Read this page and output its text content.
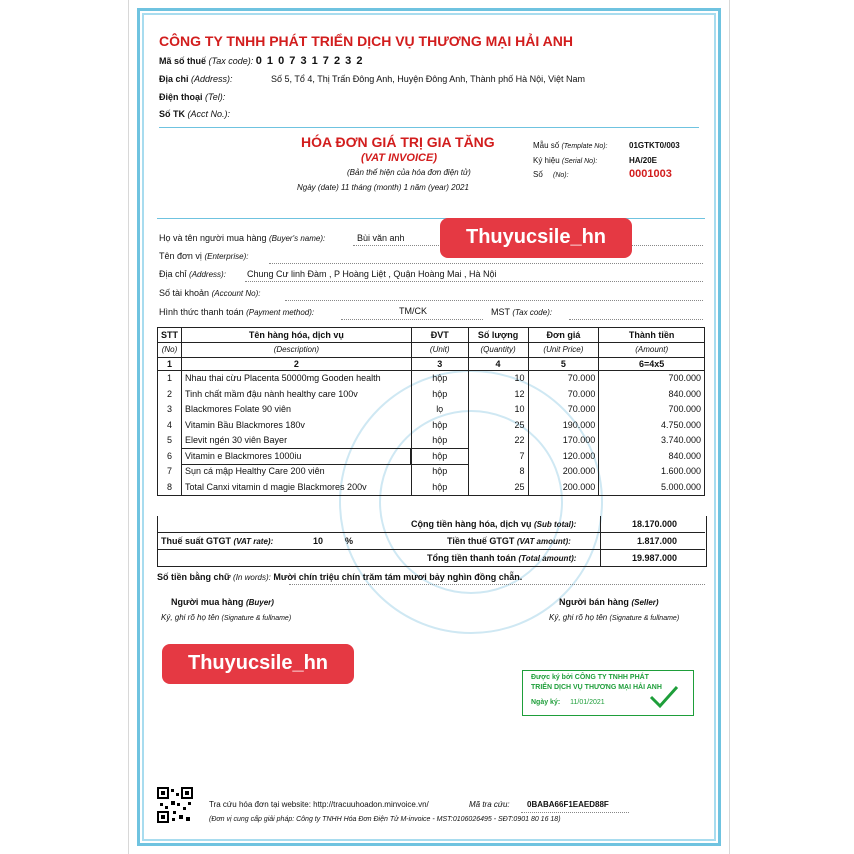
CÔNG TY TNHH PHÁT TRIỂN DỊCH VỤ THƯƠNG MẠI HẢI ANH
Mã số thuế (Tax code): 0 1 0 7 3 1 7 2 3 2
Địa chỉ (Address):	Số 5, Tổ 4, Thị Trấn Đông Anh, Huyện Đông Anh, Thành phố Hà Nội, Việt Nam
Điện thoại (Tel):
Số TK (Acct No.):
HÓA ĐƠN GIÁ TRỊ GIA TĂNG
(VAT INVOICE)
(Bản thể hiện của hóa đơn điện tử)
Ngày (date) 11 tháng (month) 1 năm (year) 2021
Mẫu số (Template No):	01GTKT0/003
Ký hiệu (Serial No):	HA/20E
Số (No):	0001003
Họ và tên người mua hàng (Buyer's name):	Bùi văn anh
Tên đơn vị (Enterprise):
Địa chỉ (Address): Chung Cư linh Đàm , P Hoàng Liệt , Quận Hoàng Mai , Hà Nội
Số tài khoản (Account No):
Hình thức thanh toán (Payment method):	TM/CK	MST (Tax code):
STT	Tên hàng hóa, dịch vụ	ĐVT	Số lượng	Đơn giá	Thành tiền
(No)	(Description)	(Unit)	(Quantity)	(Unit Price)	(Amount)
1	2	3	4	5	6=4x5
1	Nhau thai cừu Placenta 50000mg Gooden health	hộp	10	70.000	700.000
2	Tinh chất mầm đậu nành healthy care 100v	hộp	12	70.000	840.000
3	Blackmores Folate 90 viên	lọ	10	70.000	700.000
4	Vitamin Bầu Blackmores 180v	hộp	25	190.000	4.750.000
5	Elevit ngén 30 viên Bayer	hộp	22	170.000	3.740.000
6	Vitamin e Blackmores 1000iu	hộp	7	120.000	840.000
7	Sụn cá mập Healthy Care 200 viên	hộp	8	200.000	1.600.000
8	Total Canxi vitamin d magie Blackmores 200v	hộp	25	200.000	5.000.000
Cộng tiền hàng hóa, dịch vụ (Sub total):	18.170.000
Thuế suất GTGT (VAT rate):	10 %	Tiền thuế GTGT (VAT amount):	1.817.000
Tổng tiền thanh toán (Total amount):	19.987.000
Số tiền bằng chữ (In words): Mười chín triệu chín trăm tám mươi bảy nghìn đồng chẵn.
Người mua hàng (Buyer)
Ký, ghi rõ họ tên (Signature & fullname)
Người bán hàng (Seller)
Ký, ghi rõ họ tên (Signature & fullname)
Được ký bởi CÔNG TY TNHH PHÁT
TRIỂN DỊCH VỤ THƯƠNG MẠI HẢI ANH
Ngày ký: 11/01/2021
Tra cứu hóa đơn tại website: http://tracuuhoadon.minvoice.vn/	Mã tra cứu: 0BABA66F1EAED88F
(Đơn vị cung cấp giải pháp: Công ty TNHH Hóa Đơn Điện Tử M-invoice - MST:0106026495 - SĐT:0901 80 16 18)
Thuyucsile_hn
Thuyucsile_hn
